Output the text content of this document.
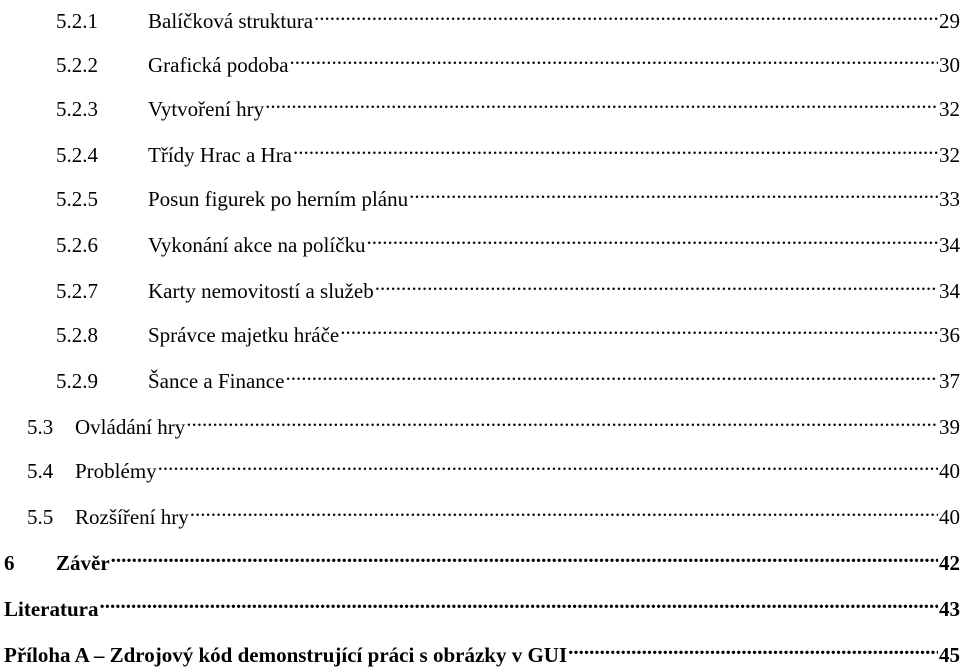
5.2.1	Balíčková struktura .....	29
5.2.2	Grafická podoba .....	30
5.2.3	Vytvoření hry .....	32
5.2.4	Třídy Hrac a Hra .....	32
5.2.5	Posun figurek po herním plánu .....	33
5.2.6	Vykonání akce na políčku .....	34
5.2.7	Karty nemovitostí a služeb .....	34
5.2.8	Správce majetku hráče .....	36
5.2.9	Šance a Finance .....	37
5.3	Ovládání hry .....	39
5.4	Problémy .....	40
5.5	Rozšíření hry .....	40
6	Závěr .....	42
Literatura .....	43
Příloha A – Zdrojový kód demonstrující práci s obrázky v GUI .....	45
